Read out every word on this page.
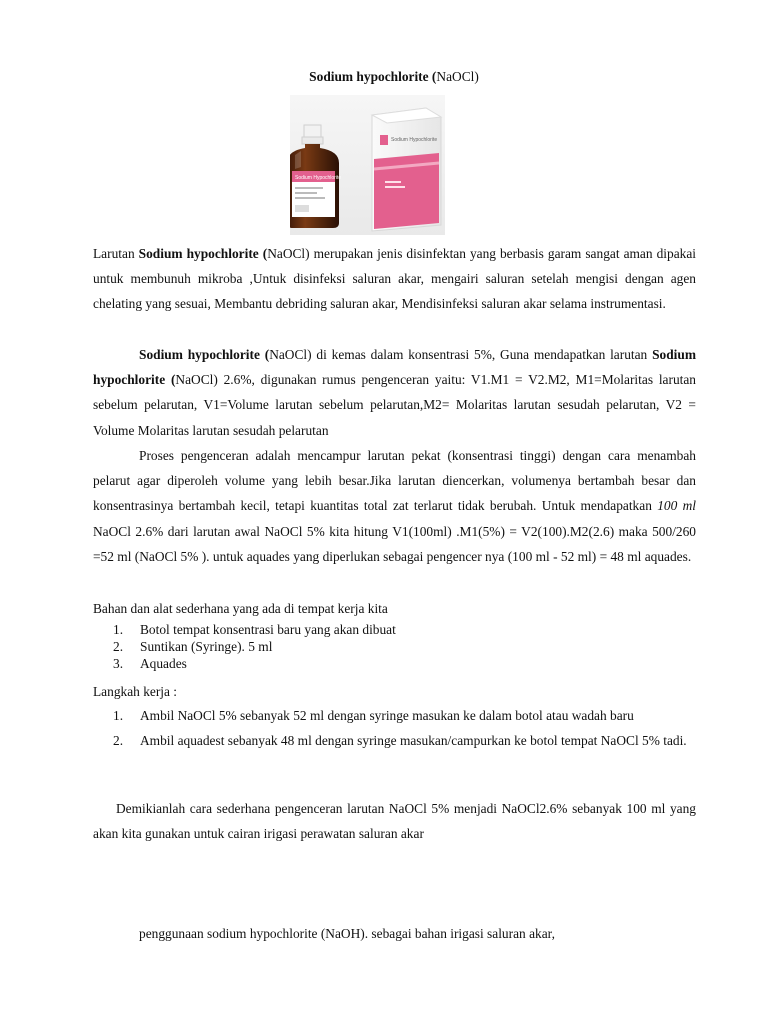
Sodium hypochlorite (NaOCl)
Sodium Hypochlorite
Sodium Hypochlorite

Larutan Sodium hypochlorite (NaOCl) merupakan jenis disinfektan yang berbasis garam sangat aman dipakai untuk membunuh mikroba ,Untuk disinfeksi saluran akar, mengairi saluran setelah mengisi dengan agen chelating yang sesuai, Membantu debriding saluran akar, Mendisinfeksi saluran akar selama instrumentasi.

Sodium hypochlorite (NaOCl) di kemas dalam konsentrasi 5%, Guna mendapatkan larutan Sodium hypochlorite (NaOCl) 2.6%, digunakan rumus pengenceran yaitu: V1.M1 = V2.M2, M1=Molaritas larutan sebelum pelarutan, V1=Volume larutan sebelum pelarutan,M2= Molaritas larutan sesudah pelarutan, V2 = Volume Molaritas larutan sesudah pelarutan

Proses pengenceran adalah mencampur larutan pekat (konsentrasi tinggi) dengan cara menambah pelarut agar diperoleh volume yang lebih besar.Jika larutan diencerkan, volumenya bertambah besar dan konsentrasinya bertambah kecil, tetapi kuantitas total zat terlarut tidak berubah. Untuk mendapatkan 100 ml NaOCl 2.6% dari larutan awal NaOCl 5% kita hitung V1(100ml) .M1(5%) = V2(100).M2(2.6) maka 500/260 =52 ml (NaOCl 5% ). untuk aquades yang diperlukan sebagai pengencer nya (100 ml - 52 ml) = 48 ml aquades.

Bahan dan alat sederhana yang ada di tempat kerja kita
1. Botol tempat konsentrasi baru yang akan dibuat
2. Suntikan (Syringe). 5 ml
3. Aquades
Langkah kerja :
1. Ambil NaOCl 5% sebanyak 52 ml dengan syringe masukan ke dalam botol atau wadah baru
2. Ambil aquadest sebanyak 48 ml dengan syringe masukan/campurkan ke botol tempat NaOCl 5% tadi.

Demikianlah cara sederhana pengenceran larutan NaOCl 5% menjadi NaOCl2.6% sebanyak 100 ml yang akan kita gunakan untuk cairan irigasi perawatan saluran akar

penggunaan sodium hypochlorite (NaOH). sebagai bahan irigasi saluran akar,
